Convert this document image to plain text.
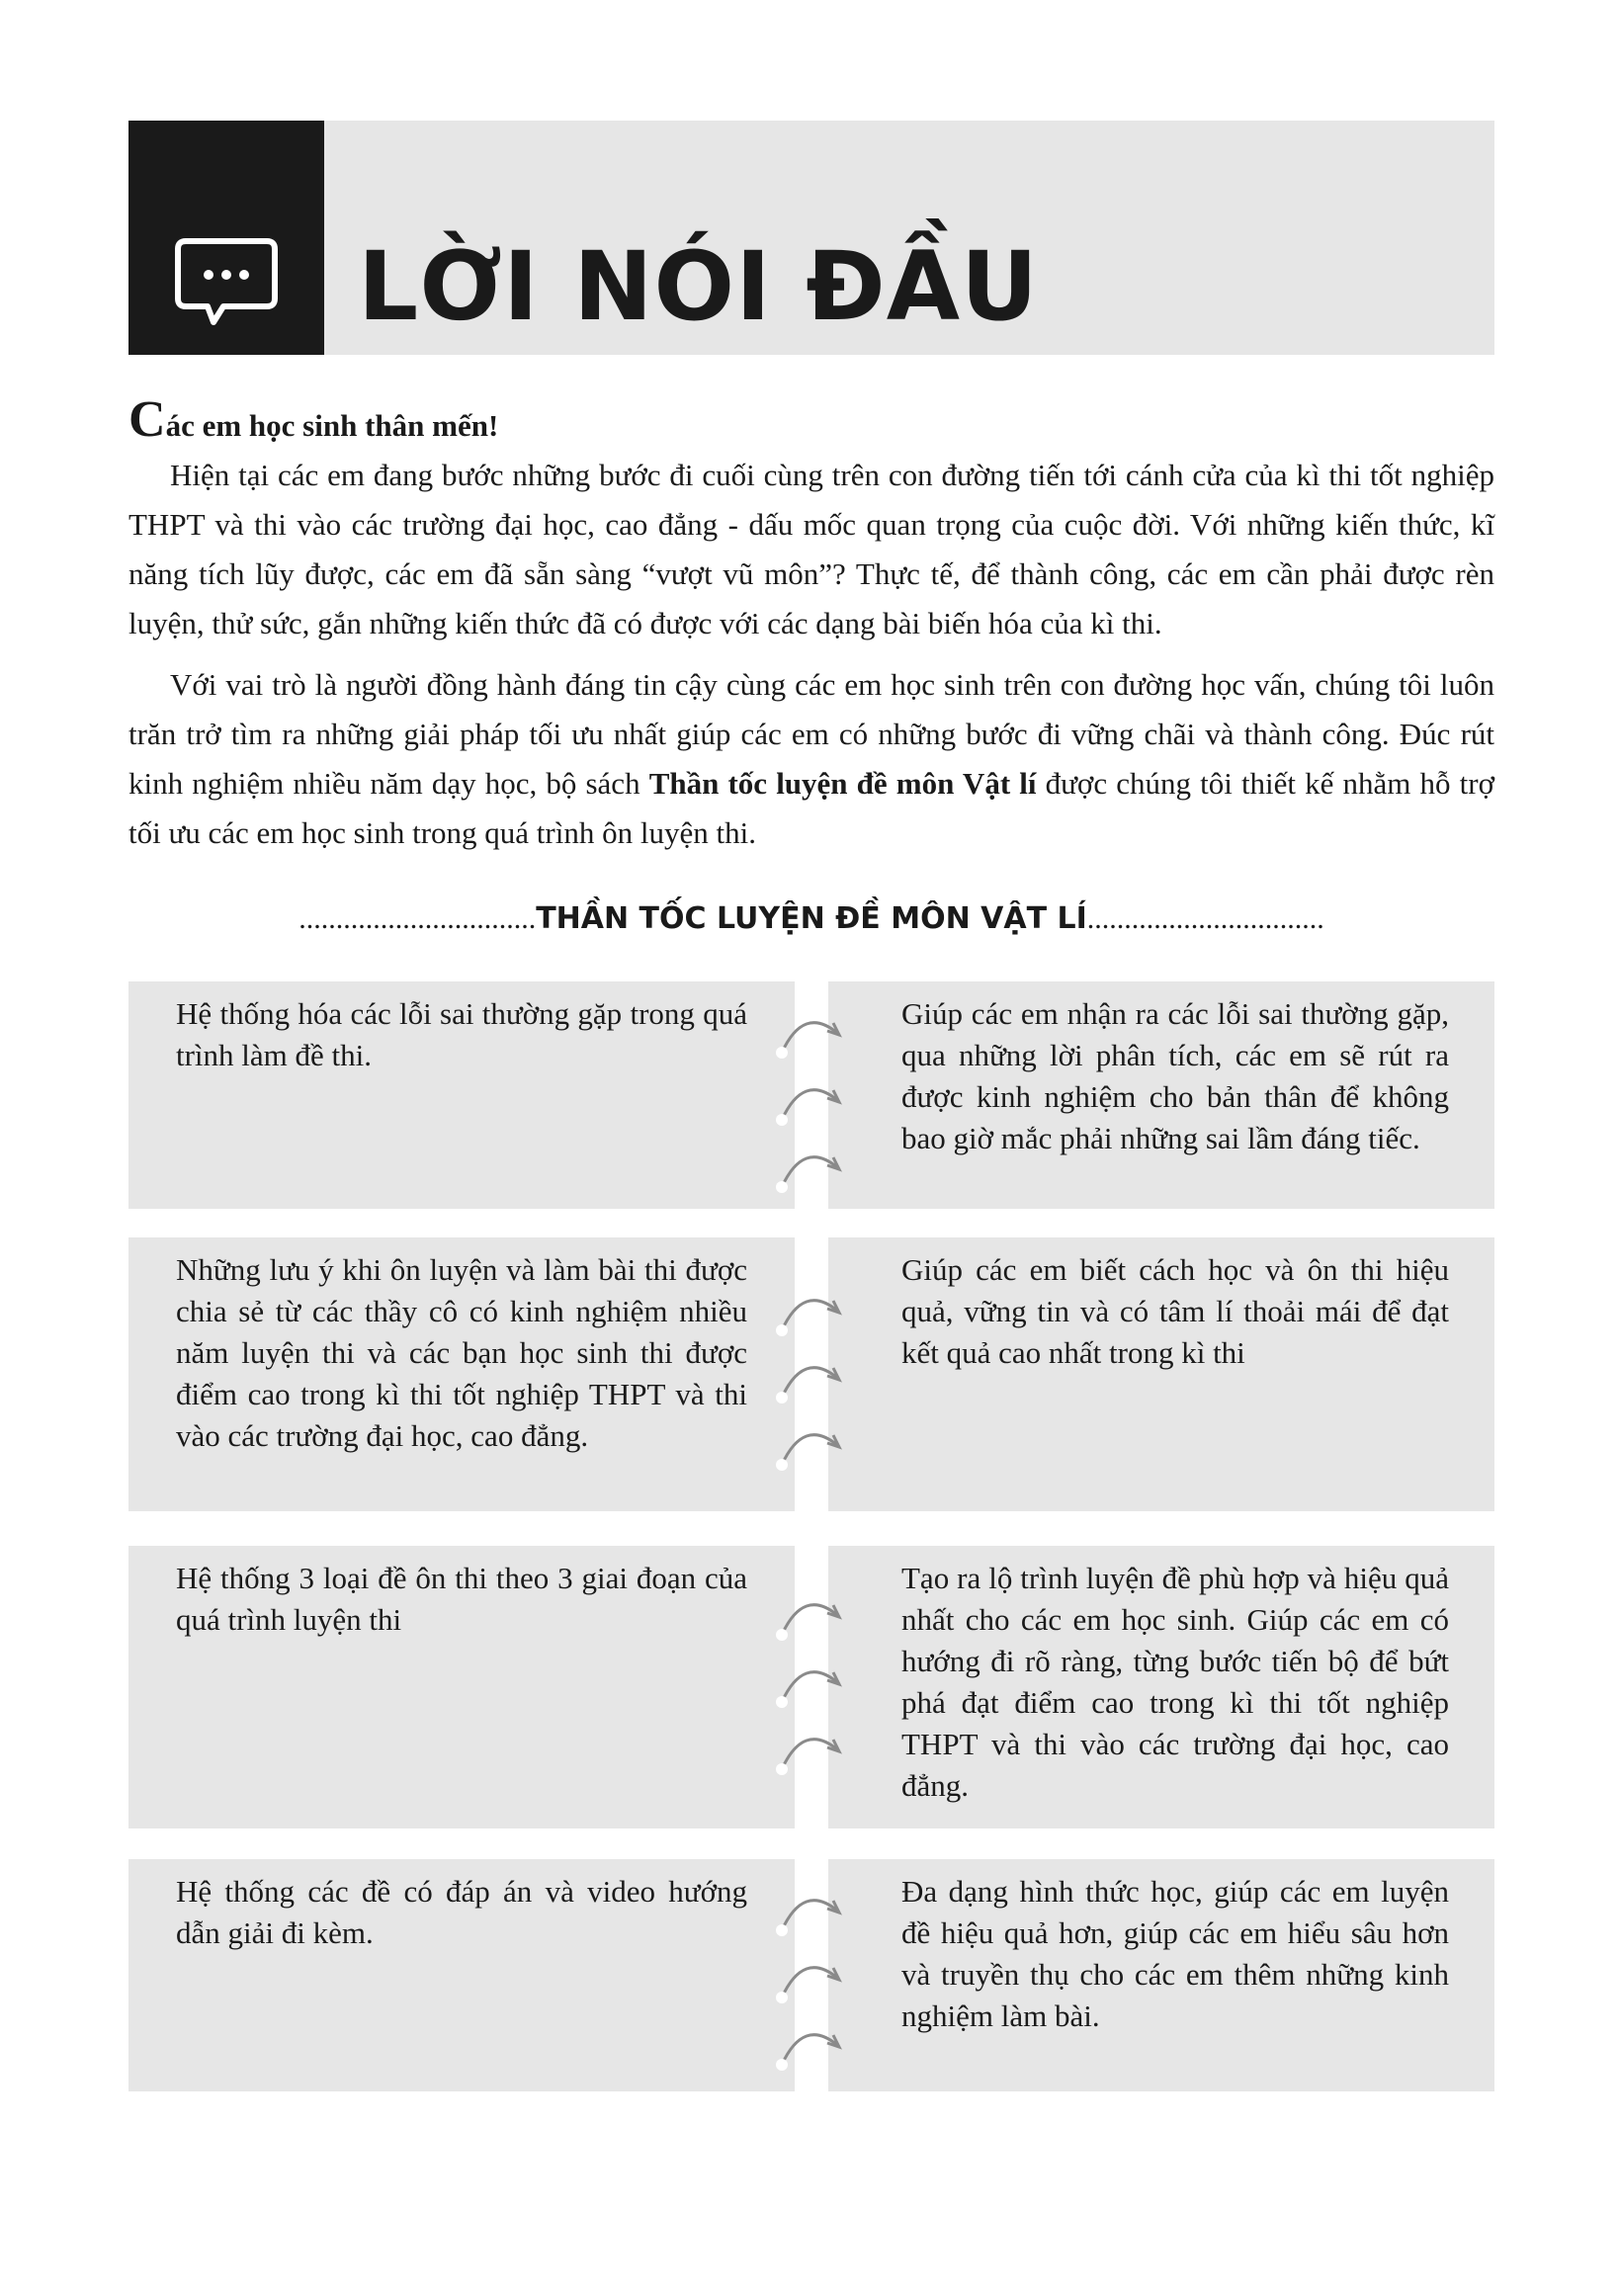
LỜI NÓI ĐẦU

Các em học sinh thân mến!

Hiện tại các em đang bước những bước đi cuối cùng trên con đường tiến tới cánh cửa của kì thi tốt nghiệp THPT và thi vào các trường đại học, cao đẳng - dấu mốc quan trọng của cuộc đời. Với những kiến thức, kĩ năng tích lũy được, các em đã sẵn sàng “vượt vũ môn”? Thực tế, để thành công, các em cần phải được rèn luyện, thử sức, gắn những kiến thức đã có được với các dạng bài biến hóa của kì thi.

Với vai trò là người đồng hành đáng tin cậy cùng các em học sinh trên con đường học vấn, chúng tôi luôn trăn trở tìm ra những giải pháp tối ưu nhất giúp các em có những bước đi vững chãi và thành công. Đúc rút kinh nghiệm nhiều năm dạy học, bộ sách Thần tốc luyện đề môn Vật lí được chúng tôi thiết kế nhằm hỗ trợ tối ưu các em học sinh trong quá trình ôn luyện thi.

................................THẦN TỐC LUYỆN ĐỀ MÔN VẬT LÍ................................
Hệ thống hóa các lỗi sai thường gặp trong quá trình làm đề thi.
Giúp các em nhận ra các lỗi sai thường gặp, qua những lời phân tích, các em sẽ rút ra được kinh nghiệm cho bản thân để không bao giờ mắc phải những sai lầm đáng tiếc.
Những lưu ý khi ôn luyện và làm bài thi được chia sẻ từ các thầy cô có kinh nghiệm nhiều năm luyện thi và các bạn học sinh thi được điểm cao trong kì thi tốt nghiệp THPT và thi vào các trường đại học, cao đẳng.
Giúp các em biết cách học và ôn thi hiệu quả, vững tin và có tâm lí thoải mái để đạt kết quả cao nhất trong kì thi
Hệ thống 3 loại đề ôn thi theo 3 giai đoạn của quá trình luyện thi
Tạo ra lộ trình luyện đề phù hợp và hiệu quả nhất cho các em học sinh. Giúp các em có hướng đi rõ ràng, từng bước tiến bộ để bứt phá đạt điểm cao trong kì thi tốt nghiệp THPT và thi vào các trường đại học, cao đẳng.
Hệ thống các đề có đáp án và video hướng dẫn giải đi kèm.
Đa dạng hình thức học, giúp các em luyện đề hiệu quả hơn, giúp các em hiểu sâu hơn và truyền thụ cho các em thêm những kinh nghiệm làm bài.
